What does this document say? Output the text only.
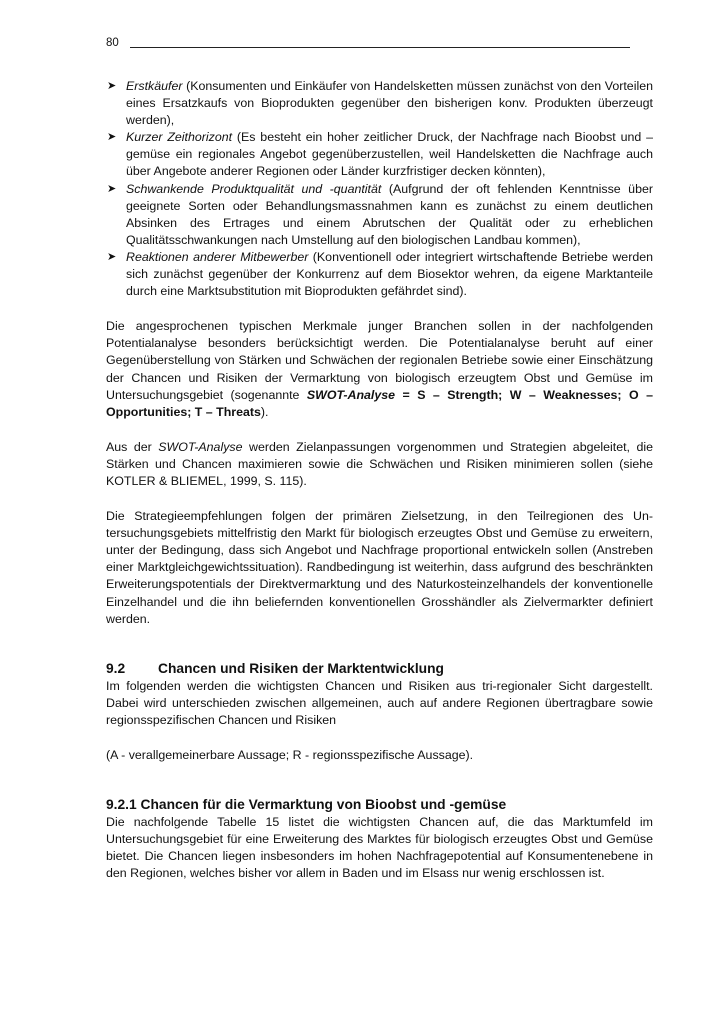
80
➤ Erstkäufer (Konsumenten und Einkäufer von Handelsketten müssen zunächst von den Vorteilen eines Ersatzkaufs von Bioprodukten gegenüber den bisherigen konv. Produkten überzeugt werden),
➤ Kurzer Zeithorizont (Es besteht ein hoher zeitlicher Druck, der Nachfrage nach Bioobst und –gemüse ein regionales Angebot gegenüberzustellen, weil Handelsketten die Nachfrage auch über Angebote anderer Regionen oder Länder kurzfristiger decken könnten),
➤ Schwankende Produktqualität und -quantität (Aufgrund der oft fehlenden Kenntnisse über geeignete Sorten oder Behandlungsmassnahmen kann es zunächst zu einem deutlichen Absinken des Ertrages und einem Abrutschen der Qualität oder zu erheblichen Qualitätsschwankungen nach Umstellung auf den biologischen Landbau kommen),
➤ Reaktionen anderer Mitbewerber (Konventionell oder integriert wirtschaftende Betriebe werden sich zunächst gegenüber der Konkurrenz auf dem Biosektor wehren, da eigene Marktanteile durch eine Marktsubstitution mit Bioprodukten gefährdet sind).

Die angesprochenen typischen Merkmale junger Branchen sollen in der nachfolgenden Potentialanalyse besonders berücksichtigt werden. Die Potentialanalyse beruht auf einer Gegenüberstellung von Stärken und Schwächen der regionalen Betriebe sowie einer Einschätzung der Chancen und Risiken der Vermarktung von biologisch erzeugtem Obst und Gemüse im Untersuchungsgebiet (sogenannte SWOT-Analyse = S – Strength; W – Weaknesses; O – Opportunities; T – Threats).

Aus der SWOT-Analyse werden Zielanpassungen vorgenommen und Strategien abgeleitet, die Stärken und Chancen maximieren sowie die Schwächen und Risiken minimieren sollen (siehe KOTLER & BLIEMEL, 1999, S. 115).

Die Strategieempfehlungen folgen der primären Zielsetzung, in den Teilregionen des Untersuchungsgebiets mittelfristig den Markt für biologisch erzeugtes Obst und Gemüse zu erweitern, unter der Bedingung, dass sich Angebot und Nachfrage proportional entwickeln sollen (Anstreben einer Marktgleichgewichtssituation). Randbedingung ist weiterhin, dass aufgrund des beschränkten Erweiterungspotentials der Direktvermarktung und des Naturkosteinzelhandels der konventionelle Einzelhandel und die ihn beliefernden konventionellen Grosshändler als Zielvermarkter definiert werden.

9.2 Chancen und Risiken der Marktentwicklung

Im folgenden werden die wichtigsten Chancen und Risiken aus tri-regionaler Sicht dargestellt. Dabei wird unterschieden zwischen allgemeinen, auch auf andere Regionen übertragbare sowie regionsspezifischen Chancen und Risiken

(A - verallgemeinerbare Aussage; R - regionsspezifische Aussage).

9.2.1 Chancen für die Vermarktung von Bioobst und -gemüse

Die nachfolgende Tabelle 15 listet die wichtigsten Chancen auf, die das Marktumfeld im Untersuchungsgebiet für eine Erweiterung des Marktes für biologisch erzeugtes Obst und Gemüse bietet. Die Chancen liegen insbesonders im hohen Nachfragepotential auf Konsumentenebene in den Regionen, welches bisher vor allem in Baden und im Elsass nur wenig erschlossen ist.
